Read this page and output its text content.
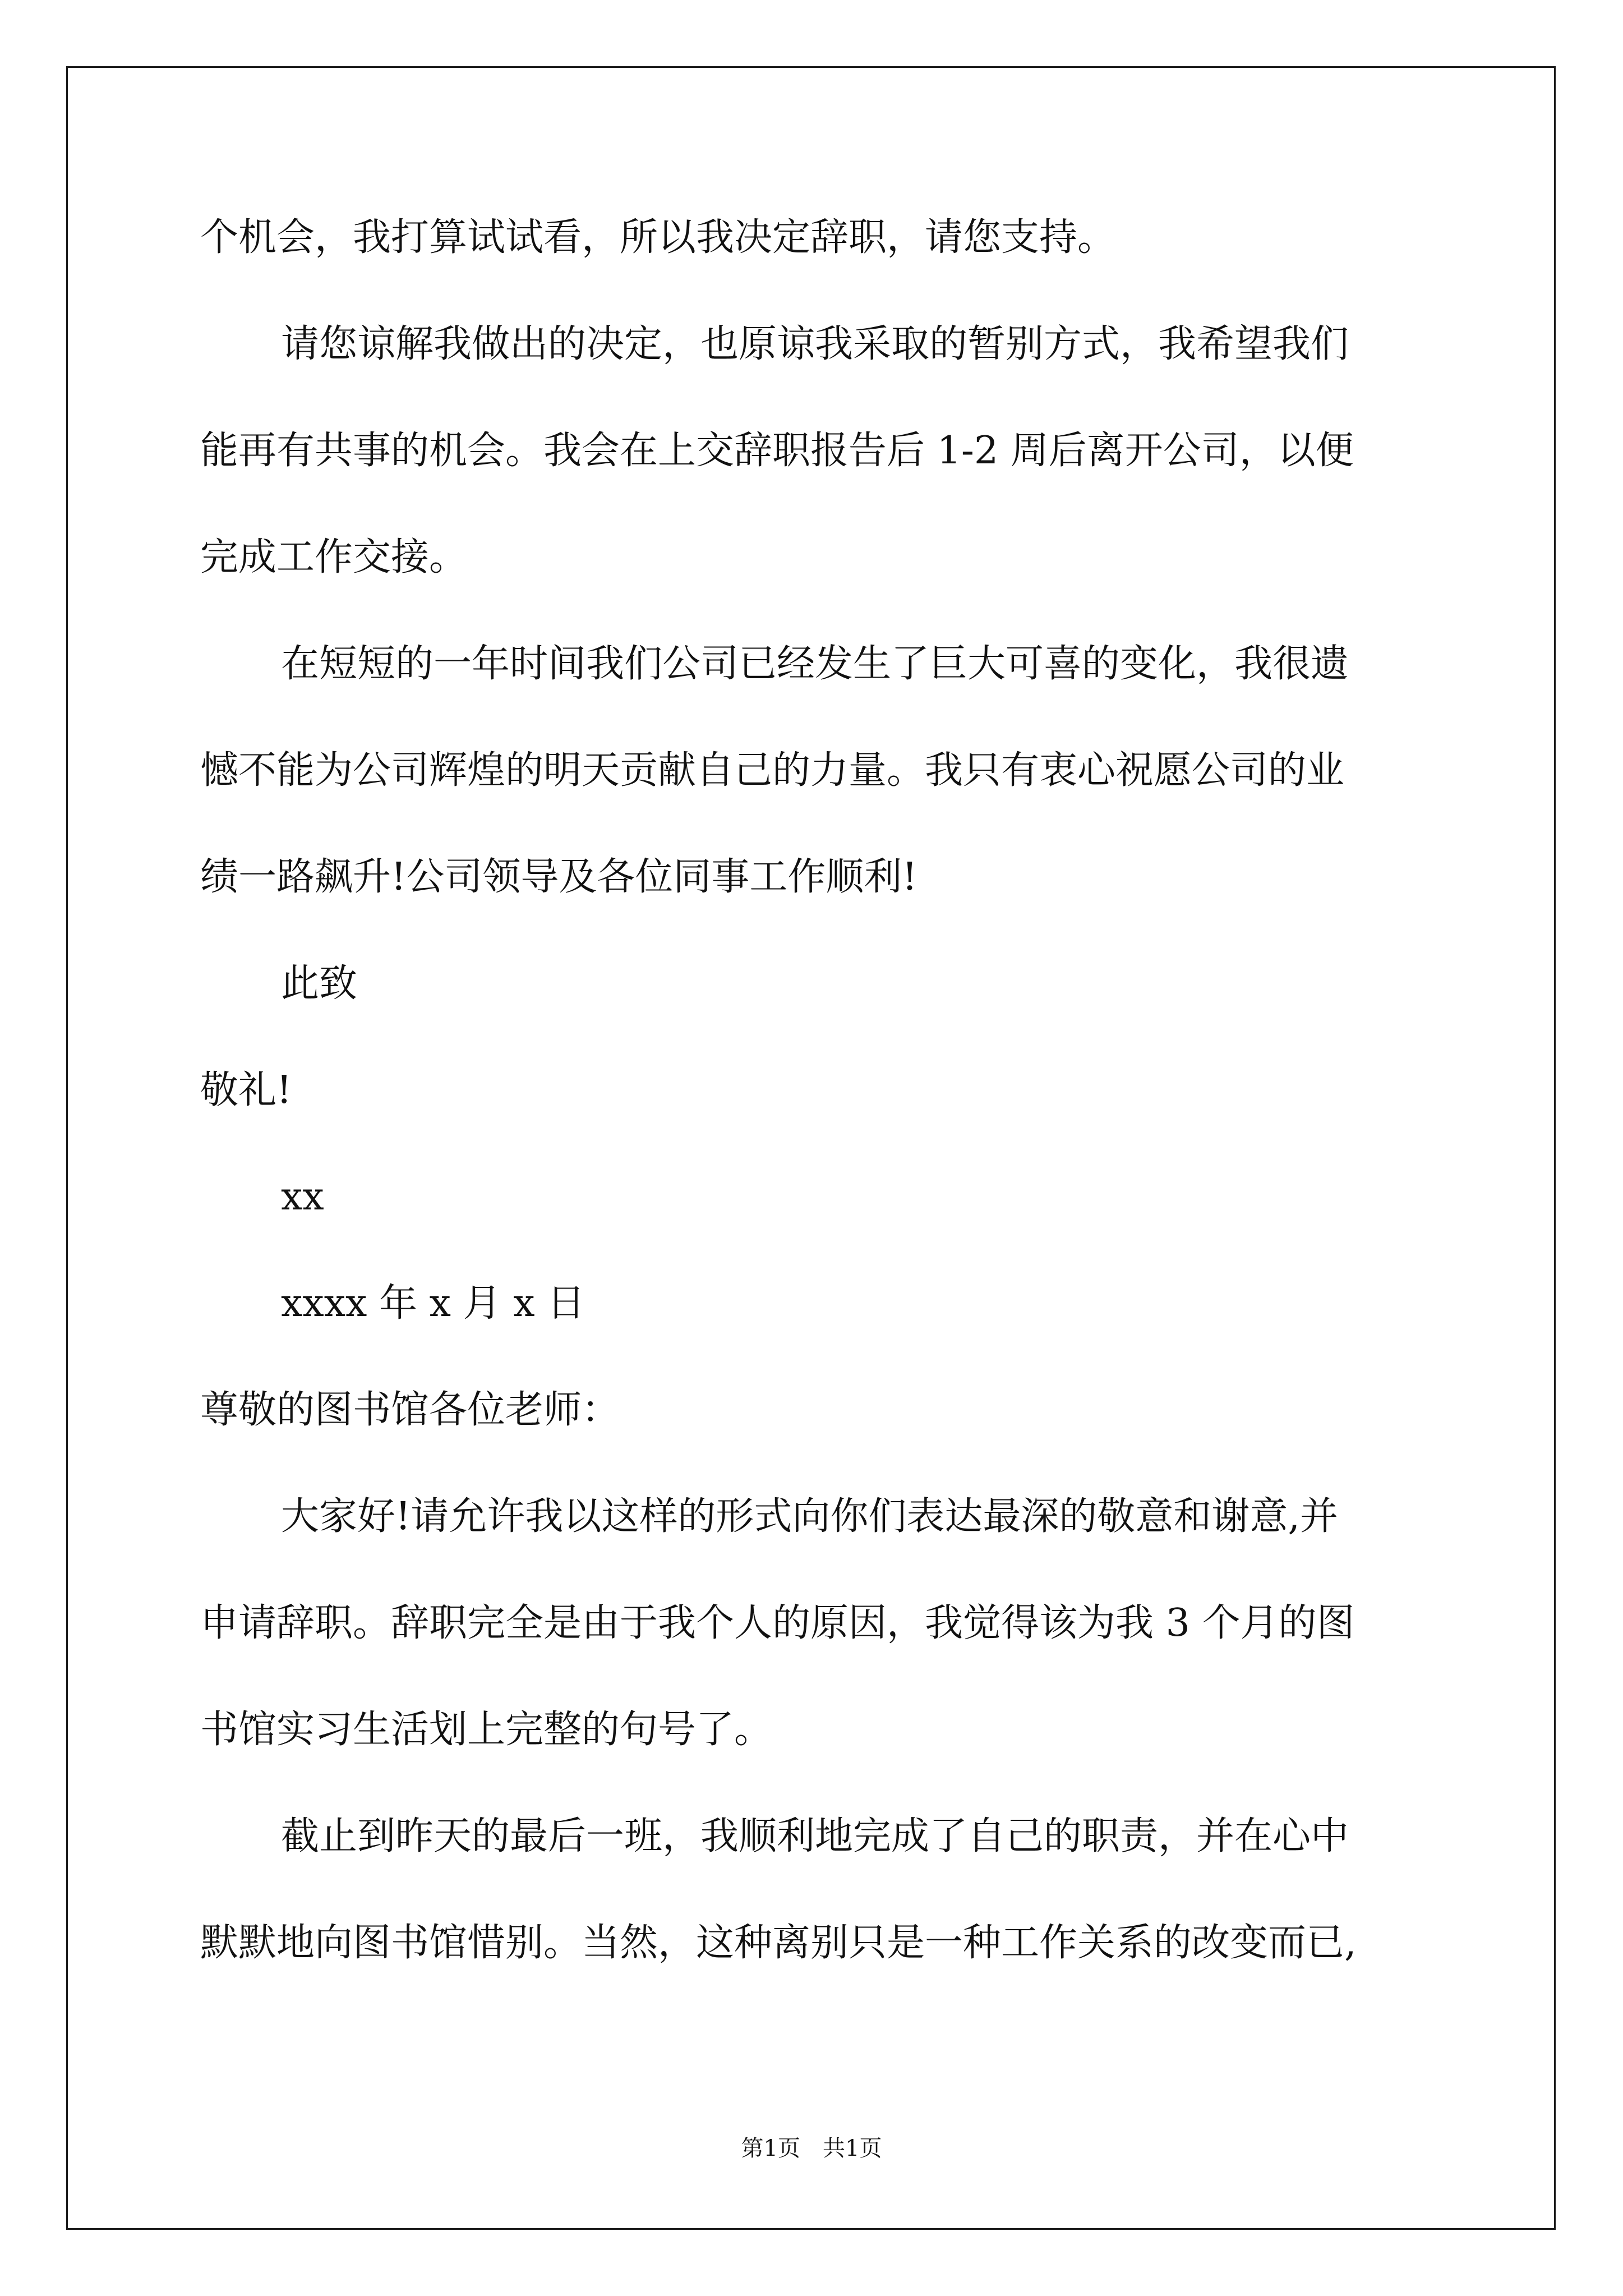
个机会，我打算试试看，所以我决定辞职，请您支持。
请您谅解我做出的决定，也原谅我采取的暂别方式，我希望我们
能再有共事的机会。我会在上交辞职报告后 1-2 周后离开公司，以便
完成工作交接。
在短短的一年时间我们公司已经发生了巨大可喜的变化，我很遗
憾不能为公司辉煌的明天贡献自己的力量。我只有衷心祝愿公司的业
绩一路飙升!公司领导及各位同事工作顺利!
此致
敬礼!
xx
xxxx 年 x 月 x 日
尊敬的图书馆各位老师：
大家好!请允许我以这样的形式向你们表达最深的敬意和谢意,并
申请辞职。辞职完全是由于我个人的原因，我觉得该为我 3 个月的图
书馆实习生活划上完整的句号了。
截止到昨天的最后一班，我顺利地完成了自己的职责，并在心中
默默地向图书馆惜别。当然，这种离别只是一种工作关系的改变而已,
第1页　共1页
